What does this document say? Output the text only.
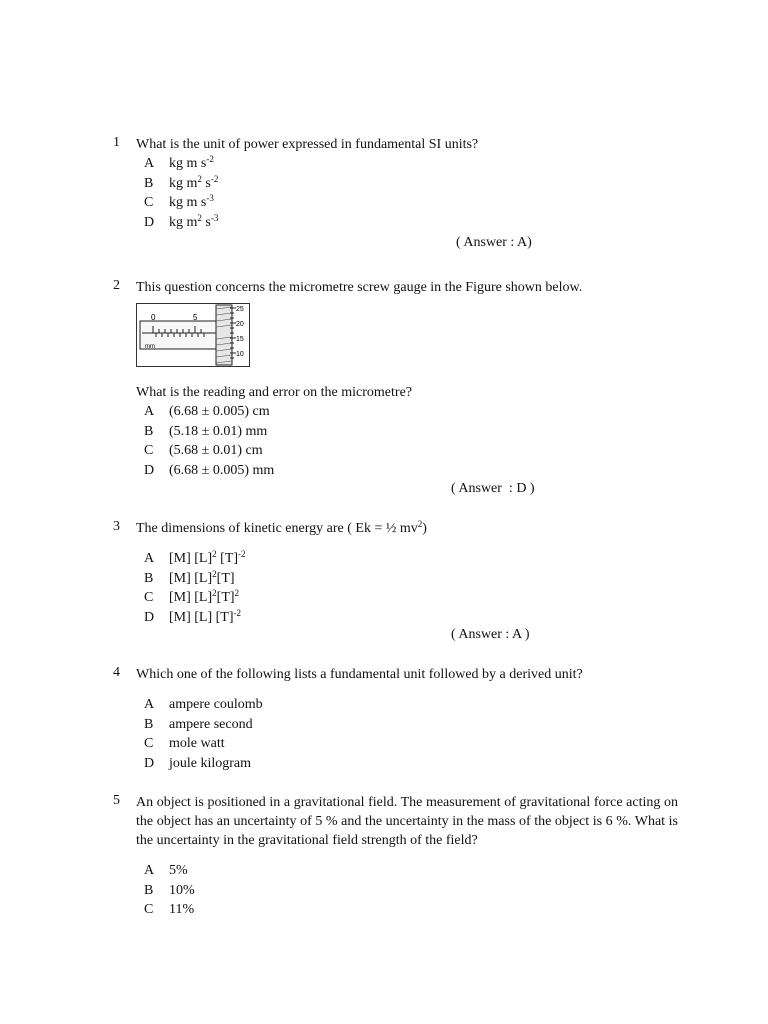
1 What is the unit of power expressed in fundamental SI units?
A kg m $s^{-2}$
B kg $m^2$ $s^{-2}$
C kg m $s^{-3}$
D kg $m^2$ $s^{-3}$
( Answer : A)
2 This question concerns the micrometre screw gauge in the Figure shown below.
0	5
mm
25
20
15
10
What is the reading and error on the micrometre?
A (6.68 ± 0.005) cm
B (5.18 ± 0.01) mm
C (5.68 ± 0.01) cm
D (6.68 ± 0.005) mm
( Answer  : D )
3 The dimensions of kinetic energy are ( Ek = ½ $mv^2$)
A [M] $[L]^2$ $[T]^{-2}$
B [M] $[L]^2[T]$
C [M] $[L]^2[T]^2$
D [M] [L] $[T]^{-2}$
( Answer : A )
4 Which one of the following lists a fundamental unit followed by a derived unit?
A ampere coulomb
B ampere second
C mole watt
D joule kilogram
5 An object is positioned in a gravitational field. The measurement of gravitational force acting on the object has an uncertainty of 5 % and the uncertainty in the mass of the object is 6 %. What is the uncertainty in the gravitational field strength of the field?
A 5%
B 10%
C 11%
